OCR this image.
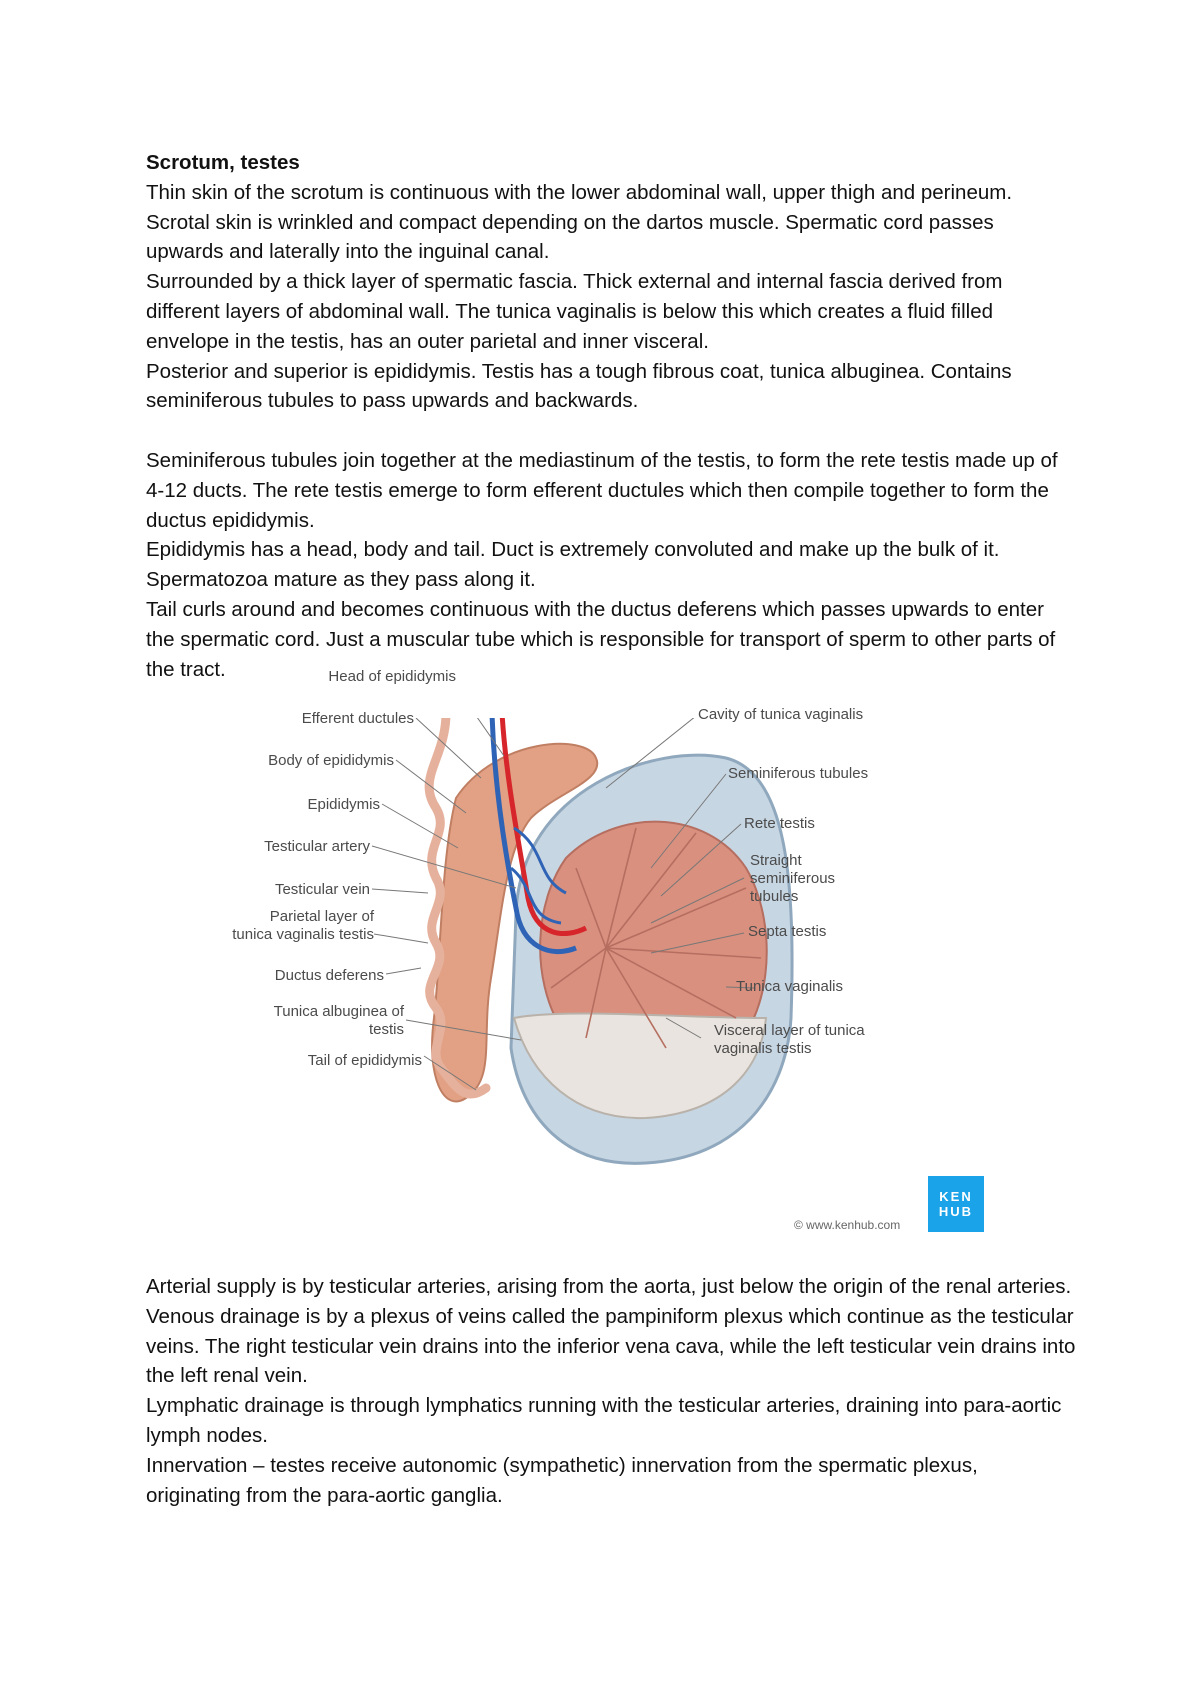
Scrotum, testes

Thin skin of the scrotum is continuous with the lower abdominal wall, upper thigh and perineum. Scrotal skin is wrinkled and compact depending on the dartos muscle. Spermatic cord passes upwards and laterally into the inguinal canal.

Surrounded by a thick layer of spermatic fascia. Thick external and internal fascia derived from different layers of abdominal wall. The tunica vaginalis is below this which creates a fluid filled envelope in the testis, has an outer parietal and inner visceral.

Posterior and superior is epididymis. Testis has a tough fibrous coat, tunica albuginea. Contains seminiferous tubules to pass upwards and backwards.

Seminiferous tubules join together at the mediastinum of the testis, to form the rete testis made up of 4-12 ducts. The rete testis emerge to form efferent ductules which then compile together to form the ductus epididymis.

Epididymis has a head, body and tail. Duct is extremely convoluted and make up the bulk of it. Spermatozoa mature as they pass along it.

Tail curls around and becomes continuous with the ductus deferens which passes upwards to enter the spermatic cord. Just a muscular tube which is responsible for transport of sperm to other parts of the tract.	Head of epididymis
Efferent ductules
Body of epididymis
Epididymis
Testicular artery
Testicular vein
Parietal layer of tunica vaginalis testis
Ductus deferens
Tunica albuginea of testis
Tail of epididymis
Cavity of tunica vaginalis
Seminiferous tubules
Rete testis
Straight seminiferous tubules
Septa testis
Tunica vaginalis
Visceral layer of tunica vaginalis testis
KEN
HUB
© www.kenhub.com

Arterial supply is by testicular arteries, arising from the aorta, just below the origin of the renal arteries.

Venous drainage is by a plexus of veins called the pampiniform plexus which continue as the testicular veins. The right testicular vein drains into the inferior vena cava, while the left testicular vein drains into the left renal vein.

Lymphatic drainage is through lymphatics running with the testicular arteries, draining into para-aortic lymph nodes.

Innervation – testes receive autonomic (sympathetic) innervation from the spermatic plexus, originating from the para-aortic ganglia.
